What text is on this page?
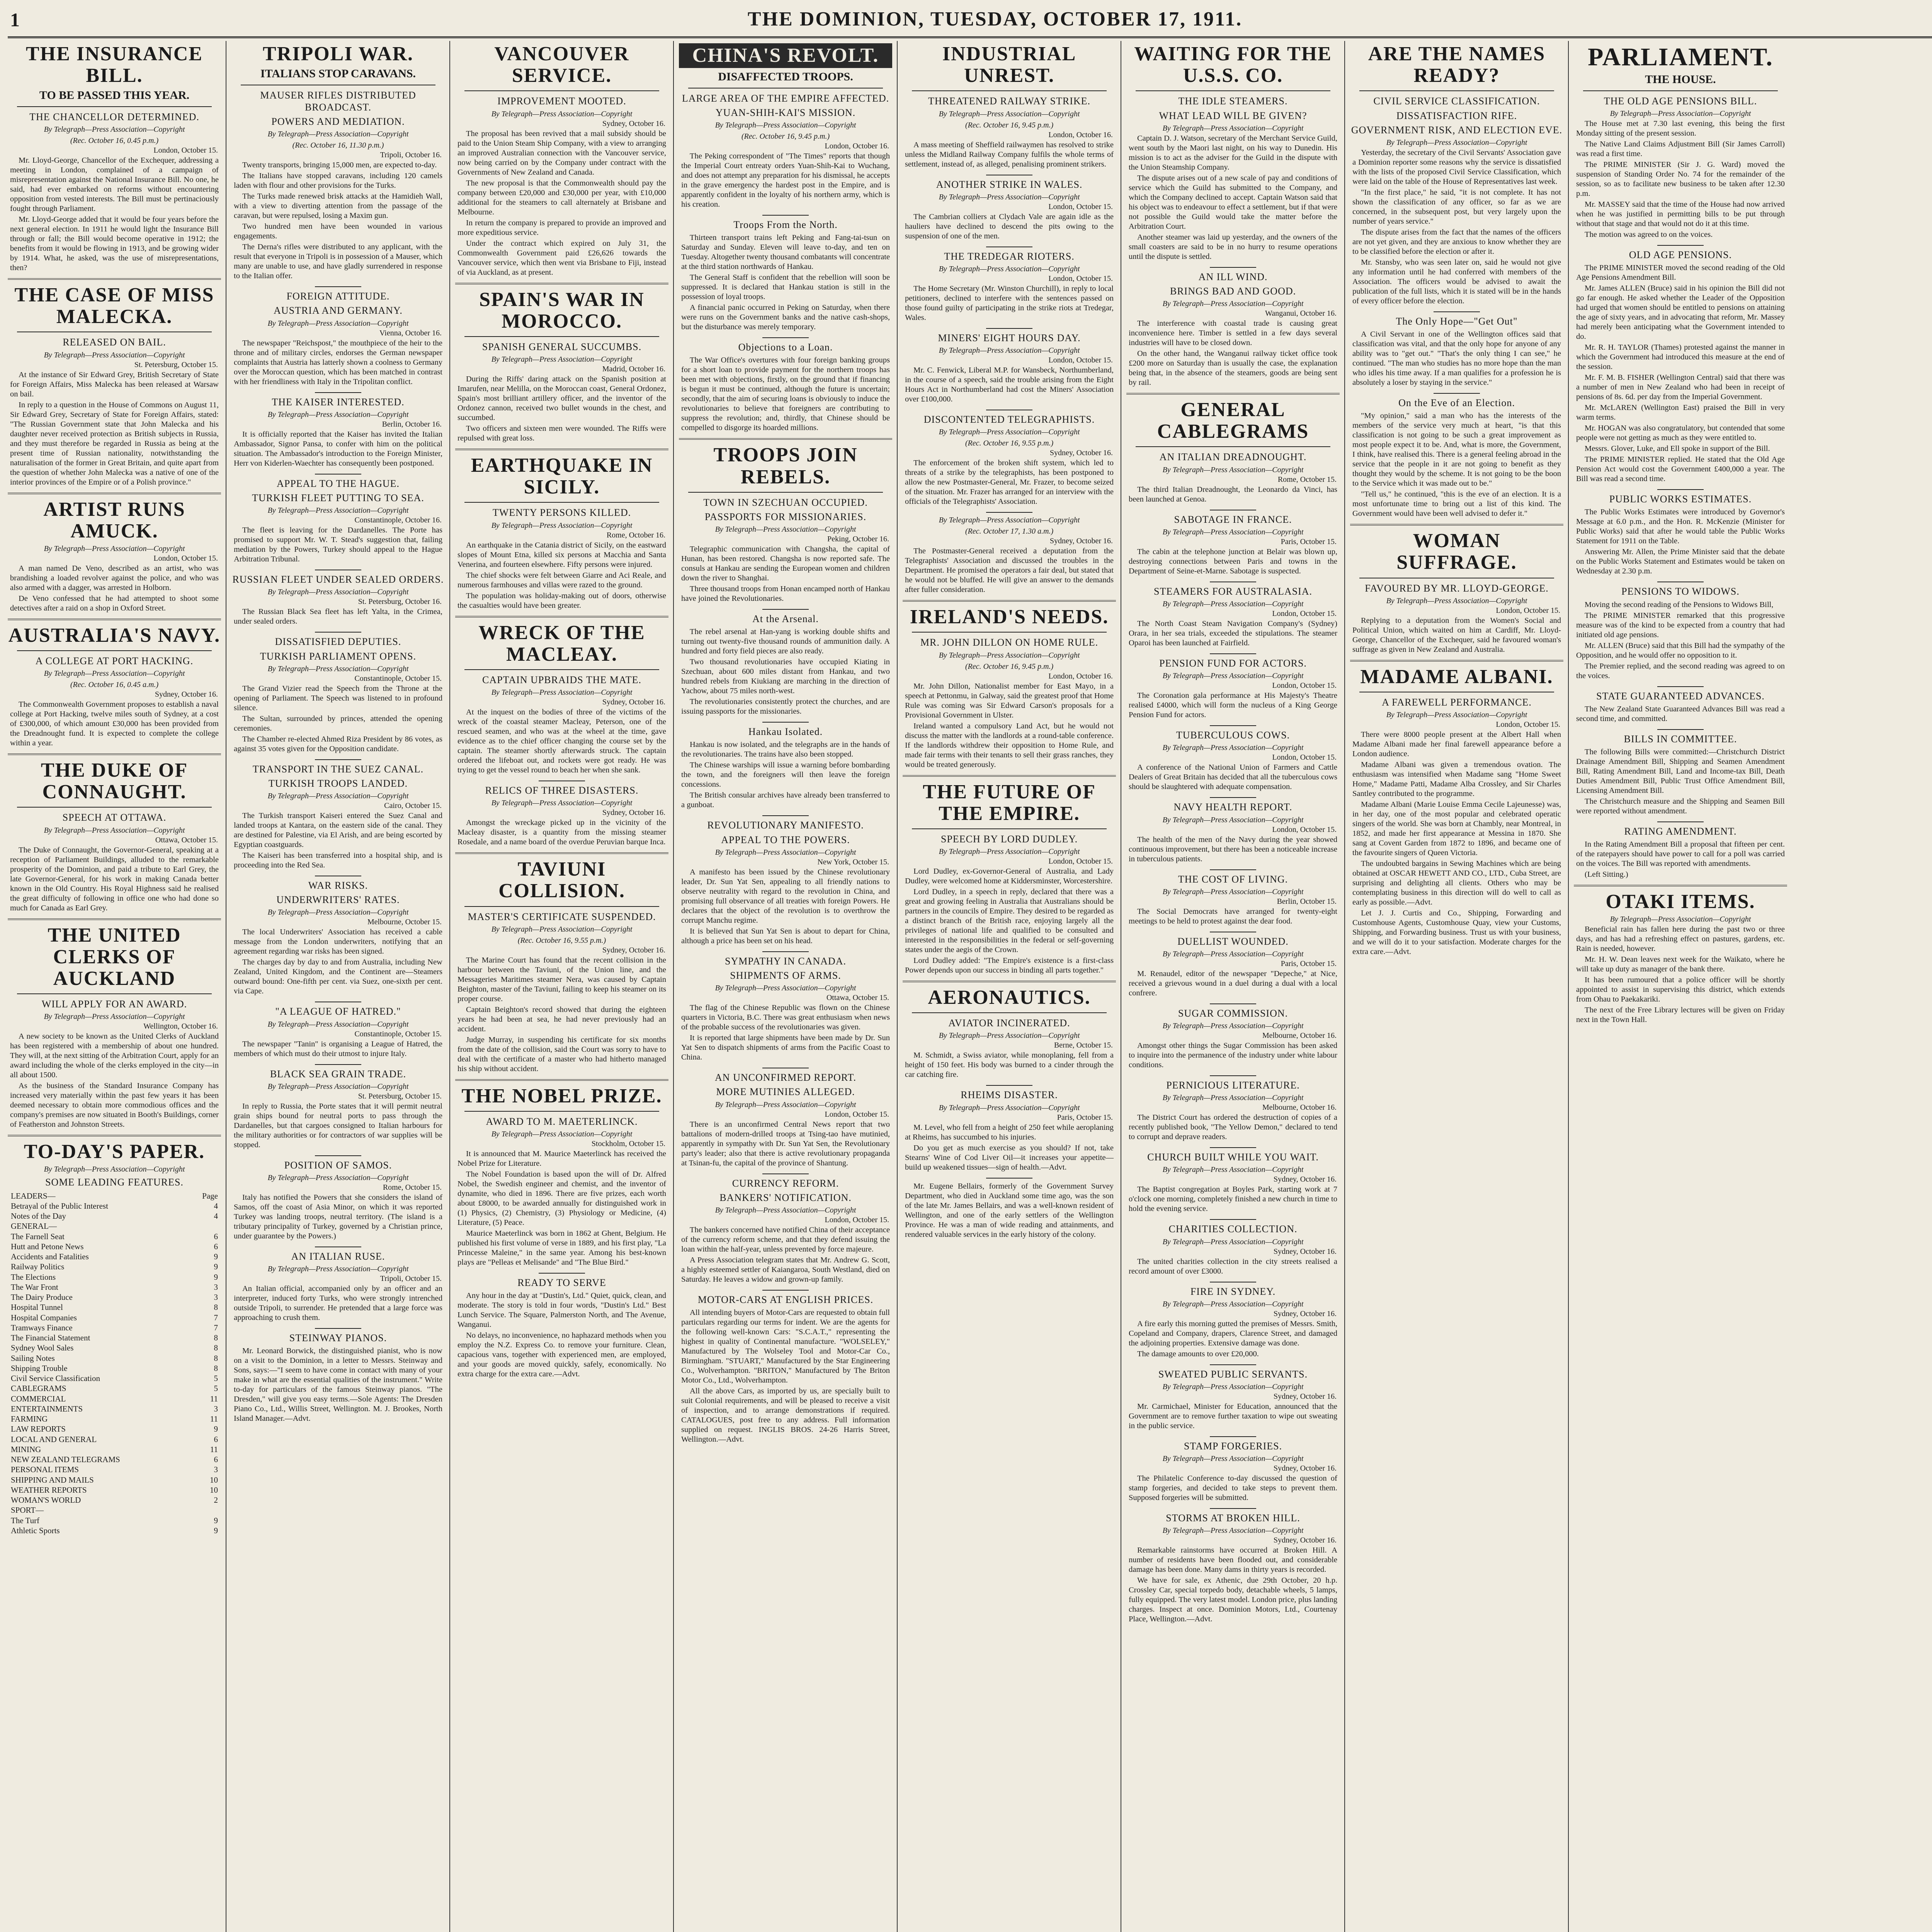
1	THE DOMINION, TUESDAY, OCTOBER 17, 1911.
THE INSURANCE BILL.
TO BE PASSED THIS YEAR.
THE CHANCELLOR DETERMINED.
By Telegraph—Press Association—Copyright
(Rec. October 16, 0.45 p.m.)
London, October 15.

Mr. Lloyd-George, Chancellor of the Exchequer, addressing a meeting in London, complained of a campaign of misrepresentation against the National Insurance Bill. No one, he said, had ever embarked on reforms without encountering opposition from vested interests. The Bill must be pertinaciously fought through Parliament.

Mr. Lloyd-George added that it would be four years before the next general election. In 1911 he would light the Insurance Bill through or fall; the Bill would become operative in 1912; the benefits from it would be flowing in 1913, and be growing wider by 1914. What, he asked, was the use of misrepresentations, then?

THE CASE OF MISS MALECKA.
RELEASED ON BAIL.
By Telegraph—Press Association—Copyright
St. Petersburg, October 15.

At the instance of Sir Edward Grey, British Secretary of State for Foreign Affairs, Miss Malecka has been released at Warsaw on bail.

In reply to a question in the House of Commons on August 11, Sir Edward Grey, Secretary of State for Foreign Affairs, stated: "The Russian Government state that John Malecka and his daughter never received protection as British subjects in Russia, and they must therefore be regarded in Russia as being at the present time of Russian nationality, notwithstanding the naturalisation of the former in Great Britain, and quite apart from the question of whether John Malecka was a native of one of the interior provinces of the Empire or of a Polish province."

ARTIST RUNS AMUCK.
By Telegraph—Press Association—Copyright
London, October 15.

A man named De Veno, described as an artist, who was brandishing a loaded revolver against the police, and who was also armed with a dagger, was arrested in Holborn.

De Veno confessed that he had attempted to shoot some detectives after a raid on a shop in Oxford Street.

AUSTRALIA'S NAVY.
A COLLEGE AT PORT HACKING.
By Telegraph—Press Association—Copyright
(Rec. October 16, 0.45 a.m.)
Sydney, October 16.

The Commonwealth Government proposes to establish a naval college at Port Hacking, twelve miles south of Sydney, at a cost of £300,000, of which amount £30,000 has been provided from the Dreadnought fund. It is expected to complete the college within a year.

THE DUKE OF CONNAUGHT.
SPEECH AT OTTAWA.
By Telegraph—Press Association—Copyright
Ottawa, October 15.

The Duke of Connaught, the Governor-General, speaking at a reception of Parliament Buildings, alluded to the remarkable prosperity of the Dominion, and paid a tribute to Earl Grey, the late Governor-General, for his work in making Canada better known in the Old Country. His Royal Highness said he realised the great difficulty of following in office one who had done so much for Canada as Earl Grey.

THE UNITED CLERKS OF AUCKLAND
WILL APPLY FOR AN AWARD.
By Telegraph—Press Association—Copyright
Wellington, October 16.

A new society to be known as the United Clerks of Auckland has been registered with a membership of about one hundred. They will, at the next sitting of the Arbitration Court, apply for an award including the whole of the clerks employed in the city—in all about 1500.

As the business of the Standard Insurance Company has increased very materially within the past few years it has been deemed necessary to obtain more commodious offices and the company's premises are now situated in Booth's Buildings, corner of Featherston and Johnston Streets.

TO-DAY'S PAPER.
By Telegraph—Press Association—Copyright
SOME LEADING FEATURES.
LEADERS—	Page
Betrayal of the Public Interest	4
Notes of the Day	4
GENERAL—
The Farnell Seat	6
Hutt and Petone News	6
Accidents and Fatalities	9
Railway Politics	9
The Elections	9
The War Front	3
The Dairy Produce	3
Hospital Tunnel	8
Hospital Companies	7
Tramways Finance	7
The Financial Statement	8
Sydney Wool Sales	8
Sailing Notes	8
Shipping Trouble	8
Civil Service Classification	5
CABLEGRAMS	5
COMMERCIAL	11
ENTERTAINMENTS	3
FARMING	11
LAW REPORTS	9
LOCAL AND GENERAL	6
MINING	11
NEW ZEALAND TELEGRAMS	6
PERSONAL ITEMS	3
SHIPPING AND MAILS	10
WEATHER REPORTS	10
WOMAN'S WORLD	2
SPORT—
The Turf	9
Athletic Sports	9
TRIPOLI WAR.
ITALIANS STOP CARAVANS.
MAUSER RIFLES DISTRIBUTED BROADCAST.
POWERS AND MEDIATION.
By Telegraph—Press Association—Copyright
(Rec. October 16, 11.30 p.m.)
Tripoli, October 16.

Twenty transports, bringing 15,000 men, are expected to-day.

The Italians have stopped caravans, including 120 camels laden with flour and other provisions for the Turks.

The Turks made renewed brisk attacks at the Hamidieh Wall, with a view to diverting attention from the passage of the caravan, but were repulsed, losing a Maxim gun.

Two hundred men have been wounded in various engagements.

The Derna's rifles were distributed to any applicant, with the result that everyone in Tripoli is in possession of a Mauser, which many are unable to use, and have gladly surrendered in response to the Italian offer.

FOREIGN ATTITUDE.
AUSTRIA AND GERMANY.
By Telegraph—Press Association—Copyright
Vienna, October 16.

The newspaper "Reichspost," the mouthpiece of the heir to the throne and of military circles, endorses the German newspaper complaints that Austria has latterly shown a coolness to Germany over the Moroccan question, which has been matched in contrast with her friendliness with Italy in the Tripolitan conflict.

THE KAISER INTERESTED.
By Telegraph—Press Association—Copyright
Berlin, October 16.

It is officially reported that the Kaiser has invited the Italian Ambassador, Signor Pansa, to confer with him on the political situation. The Ambassador's introduction to the Foreign Minister, Herr von Kiderlen-Waechter has consequently been postponed.

APPEAL TO THE HAGUE.
TURKISH FLEET PUTTING TO SEA.
By Telegraph—Press Association—Copyright
Constantinople, October 16.

The fleet is leaving for the Dardanelles. The Porte has promised to support Mr. W. T. Stead's suggestion that, failing mediation by the Powers, Turkey should appeal to the Hague Arbitration Tribunal.

RUSSIAN FLEET UNDER SEALED ORDERS.
By Telegraph—Press Association—Copyright
St. Petersburg, October 16.

The Russian Black Sea fleet has left Yalta, in the Crimea, under sealed orders.

DISSATISFIED DEPUTIES.
TURKISH PARLIAMENT OPENS.
By Telegraph—Press Association—Copyright
Constantinople, October 15.

The Grand Vizier read the Speech from the Throne at the opening of Parliament. The Speech was listened to in profound silence.

The Sultan, surrounded by princes, attended the opening ceremonies.

The Chamber re-elected Ahmed Riza President by 86 votes, as against 35 votes given for the Opposition candidate.

TRANSPORT IN THE SUEZ CANAL.
TURKISH TROOPS LANDED.
By Telegraph—Press Association—Copyright
Cairo, October 15.

The Turkish transport Kaiseri entered the Suez Canal and landed troops at Kantara, on the eastern side of the canal. They are destined for Palestine, via El Arish, and are being escorted by Egyptian coastguards.

The Kaiseri has been transferred into a hospital ship, and is proceeding into the Red Sea.

WAR RISKS.
UNDERWRITERS' RATES.
By Telegraph—Press Association—Copyright
Melbourne, October 15.

The local Underwriters' Association has received a cable message from the London underwriters, notifying that an agreement regarding war risks has been signed.

The charges day by day to and from Australia, including New Zealand, United Kingdom, and the Continent are—Steamers outward bound: One-fifth per cent. via Suez, one-sixth per cent. via Cape.

"A LEAGUE OF HATRED."
By Telegraph—Press Association—Copyright
Constantinople, October 15.

The newspaper "Tanin" is organising a League of Hatred, the members of which must do their utmost to injure Italy.

BLACK SEA GRAIN TRADE.
By Telegraph—Press Association—Copyright
St. Petersburg, October 15.

In reply to Russia, the Porte states that it will permit neutral grain ships bound for neutral ports to pass through the Dardanelles, but that cargoes consigned to Italian harbours for the military authorities or for contractors of war supplies will be stopped.

POSITION OF SAMOS.
By Telegraph—Press Association—Copyright
Rome, October 15.

Italy has notified the Powers that she considers the island of Samos, off the coast of Asia Minor, on which it was reported Turkey was landing troops, neutral territory. (The island is a tributary principality of Turkey, governed by a Christian prince, under guarantee by the Powers.)

AN ITALIAN RUSE.
By Telegraph—Press Association—Copyright
Tripoli, October 15.

An Italian official, accompanied only by an officer and an interpreter, induced forty Turks, who were strongly intrenched outside Tripoli, to surrender. He pretended that a large force was approaching to crush them.

STEINWAY PIANOS.

Mr. Leonard Borwick, the distinguished pianist, who is now on a visit to the Dominion, in a letter to Messrs. Steinway and Sons, says:—"I seem to have come in contact with many of your make in what are the essential qualities of the instrument." Write to-day for particulars of the famous Steinway pianos. "The Dresden," will give you easy terms.—Sole Agents: The Dresden Piano Co., Ltd., Willis Street, Wellington. M. J. Brookes, North Island Manager.—Advt.

VANCOUVER SERVICE.
IMPROVEMENT MOOTED.
By Telegraph—Press Association—Copyright
Sydney, October 16.

The proposal has been revived that a mail subsidy should be paid to the Union Steam Ship Company, with a view to arranging an improved Australian connection with the Vancouver service, now being carried on by the Company under contract with the Governments of New Zealand and Canada.

The new proposal is that the Commonwealth should pay the company between £20,000 and £30,000 per year, with £10,000 additional for the steamers to call alternately at Brisbane and Melbourne.

In return the company is prepared to provide an improved and more expeditious service.

Under the contract which expired on July 31, the Commonwealth Government paid £26,626 towards the Vancouver service, which then went via Brisbane to Fiji, instead of via Auckland, as at present.

SPAIN'S WAR IN MOROCCO.
SPANISH GENERAL SUCCUMBS.
By Telegraph—Press Association—Copyright
Madrid, October 16.

During the Riffs' daring attack on the Spanish position at Imarufen, near Melilla, on the Moroccan coast, General Ordonez, Spain's most brilliant artillery officer, and the inventor of the Ordonez cannon, received two bullet wounds in the chest, and succumbed.

Two officers and sixteen men were wounded. The Riffs were repulsed with great loss.

EARTHQUAKE IN SICILY.
TWENTY PERSONS KILLED.
By Telegraph—Press Association—Copyright
Rome, October 16.

An earthquake in the Catania district of Sicily, on the eastward slopes of Mount Etna, killed six persons at Macchia and Santa Venerina, and fourteen elsewhere. Fifty persons were injured.

The chief shocks were felt between Giarre and Aci Reale, and numerous farmhouses and villas were razed to the ground.

The population was holiday-making out of doors, otherwise the casualties would have been greater.

WRECK OF THE MACLEAY.
CAPTAIN UPBRAIDS THE MATE.
By Telegraph—Press Association—Copyright
Sydney, October 16.

At the inquest on the bodies of three of the victims of the wreck of the coastal steamer Macleay, Peterson, one of the rescued seamen, and who was at the wheel at the time, gave evidence as to the chief officer changing the course set by the captain. The steamer shortly afterwards struck. The captain ordered the lifeboat out, and rockets were got ready. He was trying to get the vessel round to beach her when she sank.

RELICS OF THREE DISASTERS.
By Telegraph—Press Association—Copyright
Sydney, October 16.

Amongst the wreckage picked up in the vicinity of the Macleay disaster, is a quantity from the missing steamer Rosedale, and a name board of the overdue Peruvian barque Inca.

TAVIUNI COLLISION.
MASTER'S CERTIFICATE SUSPENDED.
By Telegraph—Press Association—Copyright
(Rec. October 16, 9.55 p.m.)
Sydney, October 16.

The Marine Court has found that the recent collision in the harbour between the Taviuni, of the Union line, and the Messageries Maritimes steamer Nera, was caused by Captain Beighton, master of the Taviuni, failing to keep his steamer on its proper course.

Captain Beighton's record showed that during the eighteen years he had been at sea, he had never previously had an accident.

Judge Murray, in suspending his certificate for six months from the date of the collision, said the Court was sorry to have to deal with the certificate of a master who had hitherto managed his ship without accident.

THE NOBEL PRIZE.
AWARD TO M. MAETERLINCK.
By Telegraph—Press Association—Copyright
Stockholm, October 15.

It is announced that M. Maurice Maeterlinck has received the Nobel Prize for Literature.

The Nobel Foundation is based upon the will of Dr. Alfred Nobel, the Swedish engineer and chemist, and the inventor of dynamite, who died in 1896. There are five prizes, each worth about £8000, to be awarded annually for distinguished work in (1) Physics, (2) Chemistry, (3) Physiology or Medicine, (4) Literature, (5) Peace.

Maurice Maeterlinck was born in 1862 at Ghent, Belgium. He published his first volume of verse in 1889, and his first play, "La Princesse Maleine," in the same year. Among his best-known plays are "Pelleas et Melisande" and "The Blue Bird."

READY TO SERVE

Any hour in the day at "Dustin's, Ltd." Quiet, quick, clean, and moderate. The story is told in four words, "Dustin's Ltd." Best Lunch Service. The Square, Palmerston North, and The Avenue, Wanganui.

No delays, no inconvenience, no haphazard methods when you employ the N.Z. Express Co. to remove your furniture. Clean, capacious vans, together with experienced men, are employed, and your goods are moved quickly, safely, economically. No extra charge for the extra care.—Advt.

CHINA'S REVOLT.
DISAFFECTED TROOPS.
LARGE AREA OF THE EMPIRE AFFECTED.
YUAN-SHIH-KAI'S MISSION.
By Telegraph—Press Association—Copyright
(Rec. October 16, 9.45 p.m.)
London, October 16.

The Peking correspondent of "The Times" reports that though the Imperial Court entreaty orders Yuan-Shih-Kai to Wuchang, and does not attempt any preparation for his dismissal, he accepts in the grave emergency the hardest post in the Empire, and is apparently confident in the loyalty of his northern army, which is his creation.

Troops From the North.

Thirteen transport trains left Peking and Fang-tai-tsun on Saturday and Sunday. Eleven will leave to-day, and ten on Tuesday. Altogether twenty thousand combatants will concentrate at the third station northwards of Hankau.

The General Staff is confident that the rebellion will soon be suppressed. It is declared that Hankau station is still in the possession of loyal troops.

A financial panic occurred in Peking on Saturday, when there were runs on the Government banks and the native cash-shops, but the disturbance was merely temporary.

Objections to a Loan.

The War Office's overtures with four foreign banking groups for a short loan to provide payment for the northern troops has been met with objections, firstly, on the ground that if financing is begun it must be continued, although the future is uncertain; secondly, that the aim of securing loans is obviously to induce the revolutionaries to believe that foreigners are contributing to suppress the revolution; and, thirdly, that Chinese should be compelled to disgorge its hoarded millions.

TROOPS JOIN REBELS.
TOWN IN SZECHUAN OCCUPIED.
PASSPORTS FOR MISSIONARIES.
By Telegraph—Press Association—Copyright
Peking, October 16.

Telegraphic communication with Changsha, the capital of Hunan, has been restored. Changsha is now reported safe. The consuls at Hankau are sending the European women and children down the river to Shanghai.

Three thousand troops from Honan encamped north of Hankau have joined the Revolutionaries.

At the Arsenal.

The rebel arsenal at Han-yang is working double shifts and turning out twenty-five thousand rounds of ammunition daily. A hundred and forty field pieces are also ready.

Two thousand revolutionaries have occupied Kiating in Szechuan, about 600 miles distant from Hankau, and two hundred rebels from Kiukiang are marching in the direction of Yachow, about 75 miles north-west.

The revolutionaries consistently protect the churches, and are issuing passports for the missionaries.

Hankau Isolated.

Hankau is now isolated, and the telegraphs are in the hands of the revolutionaries. The trains have also been stopped.

The Chinese warships will issue a warning before bombarding the town, and the foreigners will then leave the foreign concessions.

The British consular archives have already been transferred to a gunboat.

REVOLUTIONARY MANIFESTO.
APPEAL TO THE POWERS.
By Telegraph—Press Association—Copyright
New York, October 15.

A manifesto has been issued by the Chinese revolutionary leader, Dr. Sun Yat Sen, appealing to all friendly nations to observe neutrality with regard to the revolution in China, and promising full observance of all treaties with foreign Powers. He declares that the object of the revolution is to overthrow the corrupt Manchu regime.

It is believed that Sun Yat Sen is about to depart for China, although a price has been set on his head.

SYMPATHY IN CANADA.
SHIPMENTS OF ARMS.
By Telegraph—Press Association—Copyright
Ottawa, October 15.

The flag of the Chinese Republic was flown on the Chinese quarters in Victoria, B.C. There was great enthusiasm when news of the probable success of the revolutionaries was given.

It is reported that large shipments have been made by Dr. Sun Yat Sen to dispatch shipments of arms from the Pacific Coast to China.

AN UNCONFIRMED REPORT.
MORE MUTINIES ALLEGED.
By Telegraph—Press Association—Copyright
London, October 15.

There is an unconfirmed Central News report that two battalions of modern-drilled troops at Tsing-tao have mutinied, apparently in sympathy with Dr. Sun Yat Sen, the Revolutionary party's leader; also that there is active revolutionary propaganda at Tsinan-fu, the capital of the province of Shantung.

CURRENCY REFORM.
BANKERS' NOTIFICATION.
By Telegraph—Press Association—Copyright
London, October 15.

The bankers concerned have notified China of their acceptance of the currency reform scheme, and that they defend issuing the loan within the half-year, unless prevented by force majeure.

A Press Association telegram states that Mr. Andrew G. Scott, a highly esteemed settler of Kaiangaroa, South Westland, died on Saturday. He leaves a widow and grown-up family.

MOTOR-CARS AT ENGLISH PRICES.

All intending buyers of Motor-Cars are requested to obtain full particulars regarding our terms for indent. We are the agents for the following well-known Cars: "S.C.A.T.," representing the highest in quality of Continental manufacture. "WOLSELEY," Manufactured by The Wolseley Tool and Motor-Car Co., Birmingham. "STUART," Manufactured by the Star Engineering Co., Wolverhampton. "BRITON," Manufactured by The Briton Motor Co., Ltd., Wolverhampton.

All the above Cars, as imported by us, are specially built to suit Colonial requirements, and will be pleased to receive a visit of inspection, and to arrange demonstrations if required. CATALOGUES, post free to any address. Full information supplied on request. INGLIS BROS. 24-26 Harris Street, Wellington.—Advt.

INDUSTRIAL UNREST.
THREATENED RAILWAY STRIKE.
By Telegraph—Press Association—Copyright
(Rec. October 16, 9.45 p.m.)
London, October 16.

A mass meeting of Sheffield railwaymen has resolved to strike unless the Midland Railway Company fulfils the whole terms of settlement, instead of, as alleged, penalising prominent strikers.

ANOTHER STRIKE IN WALES.
By Telegraph—Press Association—Copyright
London, October 15.

The Cambrian colliers at Clydach Vale are again idle as the hauliers have declined to descend the pits owing to the suspension of one of the men.

THE TREDEGAR RIOTERS.
By Telegraph—Press Association—Copyright
London, October 15.

The Home Secretary (Mr. Winston Churchill), in reply to local petitioners, declined to interfere with the sentences passed on those found guilty of participating in the strike riots at Tredegar, Wales.

MINERS' EIGHT HOURS DAY.
By Telegraph—Press Association—Copyright
London, October 15.

Mr. C. Fenwick, Liberal M.P. for Wansbeck, Northumberland, in the course of a speech, said the trouble arising from the Eight Hours Act in Northumberland had cost the Miners' Association over £100,000.

DISCONTENTED TELEGRAPHISTS.
By Telegraph—Press Association—Copyright
(Rec. October 16, 9.55 p.m.)
Sydney, October 16.

The enforcement of the broken shift system, which led to threats of a strike by the telegraphists, has been postponed to allow the new Postmaster-General, Mr. Frazer, to become seized of the situation. Mr. Frazer has arranged for an interview with the officials of the Telegraphists' Association.

By Telegraph—Press Association—Copyright
(Rec. October 17, 1.30 a.m.)
Sydney, October 16.

The Postmaster-General received a deputation from the Telegraphists' Association and discussed the troubles in the Department. He promised the operators a fair deal, but stated that he would not be bluffed. He will give an answer to the demands after fuller consideration.

IRELAND'S NEEDS.
MR. JOHN DILLON ON HOME RULE.
By Telegraph—Press Association—Copyright
(Rec. October 16, 9.45 p.m.)
London, October 16.

Mr. John Dillon, Nationalist member for East Mayo, in a speech at Pettonmu, in Galway, said the greatest proof that Home Rule was coming was Sir Edward Carson's proposals for a Provisional Government in Ulster.

Ireland wanted a compulsory Land Act, but he would not discuss the matter with the landlords at a round-table conference. If the landlords withdrew their opposition to Home Rule, and made fair terms with their tenants to sell their grass ranches, they would be treated generously.

THE FUTURE OF THE EMPIRE.
SPEECH BY LORD DUDLEY.
By Telegraph—Press Association—Copyright
London, October 15.

Lord Dudley, ex-Governor-General of Australia, and Lady Dudley, were welcomed home at Kiddersminster, Worcestershire.

Lord Dudley, in a speech in reply, declared that there was a great and growing feeling in Australia that Australians should be partners in the councils of Empire. They desired to be regarded as a distinct branch of the British race, enjoying largely all the privileges of national life and qualified to be consulted and interested in the responsibilities in the federal or self-governing states under the aegis of the Crown.

Lord Dudley added: "The Empire's existence is a first-class Power depends upon our success in binding all parts together."

AERONAUTICS.
AVIATOR INCINERATED.
By Telegraph—Press Association—Copyright
Berne, October 15.

M. Schmidt, a Swiss aviator, while monoplaning, fell from a height of 150 feet. His body was burned to a cinder through the car catching fire.

RHEIMS DISASTER.
By Telegraph—Press Association—Copyright
Paris, October 15.

M. Level, who fell from a height of 250 feet while aeroplaning at Rheims, has succumbed to his injuries.

Do you get as much exercise as you should? If not, take Stearns' Wine of Cod Liver Oil—it increases your appetite—build up weakened tissues—sign of health.—Advt.

Mr. Eugene Bellairs, formerly of the Government Survey Department, who died in Auckland some time ago, was the son of the late Mr. James Bellairs, and was a well-known resident of Wellington, and one of the early settlers of the Wellington Province. He was a man of wide reading and attainments, and rendered valuable services in the early history of the colony.

WAITING FOR THE U.S.S. CO.
THE IDLE STEAMERS.
WHAT LEAD WILL BE GIVEN?
By Telegraph—Press Association—Copyright

Captain D. J. Watson, secretary of the Merchant Service Guild, went south by the Maori last night, on his way to Dunedin. His mission is to act as the adviser for the Guild in the dispute with the Union Steamship Company.

The dispute arises out of a new scale of pay and conditions of service which the Guild has submitted to the Company, and which the Company declined to accept. Captain Watson said that his object was to endeavour to effect a settlement, but if that were not possible the Guild would take the matter before the Arbitration Court.

Another steamer was laid up yesterday, and the owners of the small coasters are said to be in no hurry to resume operations until the dispute is settled.

AN ILL WIND.
BRINGS BAD AND GOOD.
By Telegraph—Press Association—Copyright
Wanganui, October 16.

The interference with coastal trade is causing great inconvenience here. Timber is settled in a few days several industries will have to be closed down.

On the other hand, the Wanganui railway ticket office took £200 more on Saturday than is usually the case, the explanation being that, in the absence of the steamers, goods are being sent by rail.

GENERAL CABLEGRAMS
AN ITALIAN DREADNOUGHT.
By Telegraph—Press Association—Copyright
Rome, October 15.

The third Italian Dreadnought, the Leonardo da Vinci, has been launched at Genoa.

SABOTAGE IN FRANCE.
By Telegraph—Press Association—Copyright
Paris, October 15.

The cabin at the telephone junction at Belair was blown up, destroying connections between Paris and towns in the Department of Seine-et-Marne. Sabotage is suspected.

STEAMERS FOR AUSTRALASIA.
By Telegraph—Press Association—Copyright
London, October 15.

The North Coast Steam Navigation Company's (Sydney) Orara, in her sea trials, exceeded the stipulations. The steamer Oparoi has been launched at Fairfield.

PENSION FUND FOR ACTORS.
By Telegraph—Press Association—Copyright
London, October 15.

The Coronation gala performance at His Majesty's Theatre realised £4000, which will form the nucleus of a King George Pension Fund for actors.

TUBERCULOUS COWS.
By Telegraph—Press Association—Copyright
London, October 15.

A conference of the National Union of Farmers and Cattle Dealers of Great Britain has decided that all the tuberculous cows should be slaughtered with adequate compensation.

NAVY HEALTH REPORT.
By Telegraph—Press Association—Copyright
London, October 15.

The health of the men of the Navy during the year showed continuous improvement, but there has been a noticeable increase in tuberculous patients.

THE COST OF LIVING.
By Telegraph—Press Association—Copyright
Berlin, October 15.

The Social Democrats have arranged for twenty-eight meetings to be held to protest against the dear food.

DUELLIST WOUNDED.
By Telegraph—Press Association—Copyright
Paris, October 15.

M. Renaudel, editor of the newspaper "Depeche," at Nice, received a grievous wound in a duel during a dual with a local confrere.

SUGAR COMMISSION.
By Telegraph—Press Association—Copyright
Melbourne, October 16.

Amongst other things the Sugar Commission has been asked to inquire into the permanence of the industry under white labour conditions.

PERNICIOUS LITERATURE.
By Telegraph—Press Association—Copyright
Melbourne, October 16.

The District Court has ordered the destruction of copies of a recently published book, "The Yellow Demon," declared to tend to corrupt and deprave readers.

CHURCH BUILT WHILE YOU WAIT.
By Telegraph—Press Association—Copyright
Sydney, October 16.

The Baptist congregation at Boyles Park, starting work at 7 o'clock one morning, completely finished a new church in time to hold the evening service.

CHARITIES COLLECTION.
By Telegraph—Press Association—Copyright
Sydney, October 16.

The united charities collection in the city streets realised a record amount of over £3000.

FIRE IN SYDNEY.
By Telegraph—Press Association—Copyright
Sydney, October 16.

A fire early this morning gutted the premises of Messrs. Smith, Copeland and Company, drapers, Clarence Street, and damaged the adjoining properties. Extensive damage was done.

The damage amounts to over £20,000.

SWEATED PUBLIC SERVANTS.
By Telegraph—Press Association—Copyright
Sydney, October 16.

Mr. Carmichael, Minister for Education, announced that the Government are to remove further taxation to wipe out sweating in the public service.

STAMP FORGERIES.
By Telegraph—Press Association—Copyright
Sydney, October 16.

The Philatelic Conference to-day discussed the question of stamp forgeries, and decided to take steps to prevent them. Supposed forgeries will be submitted.

STORMS AT BROKEN HILL.
By Telegraph—Press Association—Copyright
Sydney, October 16.

Remarkable rainstorms have occurred at Broken Hill. A number of residents have been flooded out, and considerable damage has been done. Many dams in thirty years is recorded.

We have for sale, ex Athenic, due 29th October, 20 h.p. Crossley Car, special torpedo body, detachable wheels, 5 lamps, fully equipped. The very latest model. London price, plus landing charges. Inspect at once. Dominion Motors, Ltd., Courtenay Place, Wellington.—Advt.

ARE THE NAMES READY?
CIVIL SERVICE CLASSIFICATION.
DISSATISFACTION RIFE.
GOVERNMENT RISK, AND ELECTION EVE.
By Telegraph—Press Association—Copyright

Yesterday, the secretary of the Civil Servants' Association gave a Dominion reporter some reasons why the service is dissatisfied with the lists of the proposed Civil Service Classification, which were laid on the table of the House of Representatives last week.

"In the first place," he said, "it is not complete. It has not shown the classification of any officer, so far as we are concerned, in the subsequent post, but very largely upon the number of years service."

The dispute arises from the fact that the names of the officers are not yet given, and they are anxious to know whether they are to be classified before the election or after it.

Mr. Stansby, who was seen later on, said he would not give any information until he had conferred with members of the Association. The officers would be advised to await the publication of the full lists, which it is stated will be in the hands of every officer before the election.

The Only Hope—"Get Out"

A Civil Servant in one of the Wellington offices said that classification was vital, and that the only hope for anyone of any ability was to "get out." "That's the only thing I can see," he continued. "The man who studies has no more hope than the man who idles his time away. If a man qualifies for a profession he is absolutely a loser by staying in the service."

On the Eve of an Election.

"My opinion," said a man who has the interests of the members of the service very much at heart, "is that this classification is not going to be such a great improvement as most people expect it to be. And, what is more, the Government, I think, have realised this. There is a general feeling abroad in the service that the people in it are not going to benefit as they thought they would by the scheme. It is not going to be the boon to the Service which it was made out to be."

"Tell us," he continued, "this is the eve of an election. It is a most unfortunate time to bring out a list of this kind. The Government would have been well advised to defer it."

WOMAN SUFFRAGE.
FAVOURED BY MR. LLOYD-GEORGE.
By Telegraph—Press Association—Copyright
London, October 15.

Replying to a deputation from the Women's Social and Political Union, which waited on him at Cardiff, Mr. Lloyd-George, Chancellor of the Exchequer, said he favoured woman's suffrage as given in New Zealand and Australia.

MADAME ALBANI.
A FAREWELL PERFORMANCE.
By Telegraph—Press Association—Copyright
London, October 15.

There were 8000 people present at the Albert Hall when Madame Albani made her final farewell appearance before a London audience.

Madame Albani was given a tremendous ovation. The enthusiasm was intensified when Madame sang "Home Sweet Home," Madame Patti, Madame Alba Crossley, and Sir Charles Santley contributed to the programme.

Madame Albani (Marie Louise Emma Cecile Lajeunesse) was, in her day, one of the most popular and celebrated operatic singers of the world. She was born at Chambly, near Montreal, in 1852, and made her first appearance at Messina in 1870. She sang at Covent Garden from 1872 to 1896, and became one of the favourite singers of Queen Victoria.

The undoubted bargains in Sewing Machines which are being obtained at OSCAR HEWETT AND CO., LTD., Cuba Street, are surprising and delighting all clients. Others who may be contemplating business in this direction will do well to call as early as possible.—Advt.

Let J. J. Curtis and Co., Shipping, Forwarding and Customhouse Agents, Customhouse Quay, view your Customs, Shipping, and Forwarding business. Trust us with your business, and we will do it to your satisfaction. Moderate charges for the extra care.—Advt.

PARLIAMENT.
THE HOUSE.
THE OLD AGE PENSIONS BILL.
By Telegraph—Press Association—Copyright

The House met at 7.30 last evening, this being the first Monday sitting of the present session.

The Native Land Claims Adjustment Bill (Sir James Carroll) was read a first time.

The PRIME MINISTER (Sir J. G. Ward) moved the suspension of Standing Order No. 74 for the remainder of the session, so as to facilitate new business to be taken after 12.30 p.m.

Mr. MASSEY said that the time of the House had now arrived when he was justified in permitting bills to be put through without that stage and that would not do it at this time.

The motion was agreed to on the voices.

OLD AGE PENSIONS.

The PRIME MINISTER moved the second reading of the Old Age Pensions Amendment Bill.

Mr. James ALLEN (Bruce) said in his opinion the Bill did not go far enough. He asked whether the Leader of the Opposition had urged that women should be entitled to pensions on attaining the age of sixty years, and in advocating that reform, Mr. Massey had merely been anticipating what the Government intended to do.

Mr. R. H. TAYLOR (Thames) protested against the manner in which the Government had introduced this measure at the end of the session.

Mr. F. M. B. FISHER (Wellington Central) said that there was a number of men in New Zealand who had been in receipt of pensions of 8s. 6d. per day from the Imperial Government.

Mr. McLAREN (Wellington East) praised the Bill in very warm terms.

Mr. HOGAN was also congratulatory, but contended that some people were not getting as much as they were entitled to.

Messrs. Glover, Luke, and Ell spoke in support of the Bill.

The PRIME MINISTER replied. He stated that the Old Age Pension Act would cost the Government £400,000 a year. The Bill was read a second time.

PUBLIC WORKS ESTIMATES.

The Public Works Estimates were introduced by Governor's Message at 6.0 p.m., and the Hon. R. McKenzie (Minister for Public Works) said that after he would table the Public Works Statement for 1911 on the Table.

Answering Mr. Allen, the Prime Minister said that the debate on the Public Works Statement and Estimates would be taken on Wednesday at 2.30 p.m.

PENSIONS TO WIDOWS.

Moving the second reading of the Pensions to Widows Bill,

The PRIME MINISTER remarked that this progressive measure was of the kind to be expected from a country that had initiated old age pensions.

Mr. ALLEN (Bruce) said that this Bill had the sympathy of the Opposition, and he would offer no opposition to it.

The Premier replied, and the second reading was agreed to on the voices.

STATE GUARANTEED ADVANCES.

The New Zealand State Guaranteed Advances Bill was read a second time, and committed.

BILLS IN COMMITTEE.

The following Bills were committed:—Christchurch District Drainage Amendment Bill, Shipping and Seamen Amendment Bill, Rating Amendment Bill, Land and Income-tax Bill, Death Duties Amendment Bill, Public Trust Office Amendment Bill, Licensing Amendment Bill.

The Christchurch measure and the Shipping and Seamen Bill were reported without amendment.

RATING AMENDMENT.

In the Rating Amendment Bill a proposal that fifteen per cent. of the ratepayers should have power to call for a poll was carried on the voices. The Bill was reported with amendments.

(Left Sitting.)

OTAKI ITEMS.
By Telegraph—Press Association—Copyright

Beneficial rain has fallen here during the past two or three days, and has had a refreshing effect on pastures, gardens, etc. Rain is needed, however.

Mr. H. W. Dean leaves next week for the Waikato, where he will take up duty as manager of the bank there.

It has been rumoured that a police officer will be shortly appointed to assist in supervising this district, which extends from Ohau to Paekakariki.

The next of the Free Library lectures will be given on Friday next in the Town Hall.
